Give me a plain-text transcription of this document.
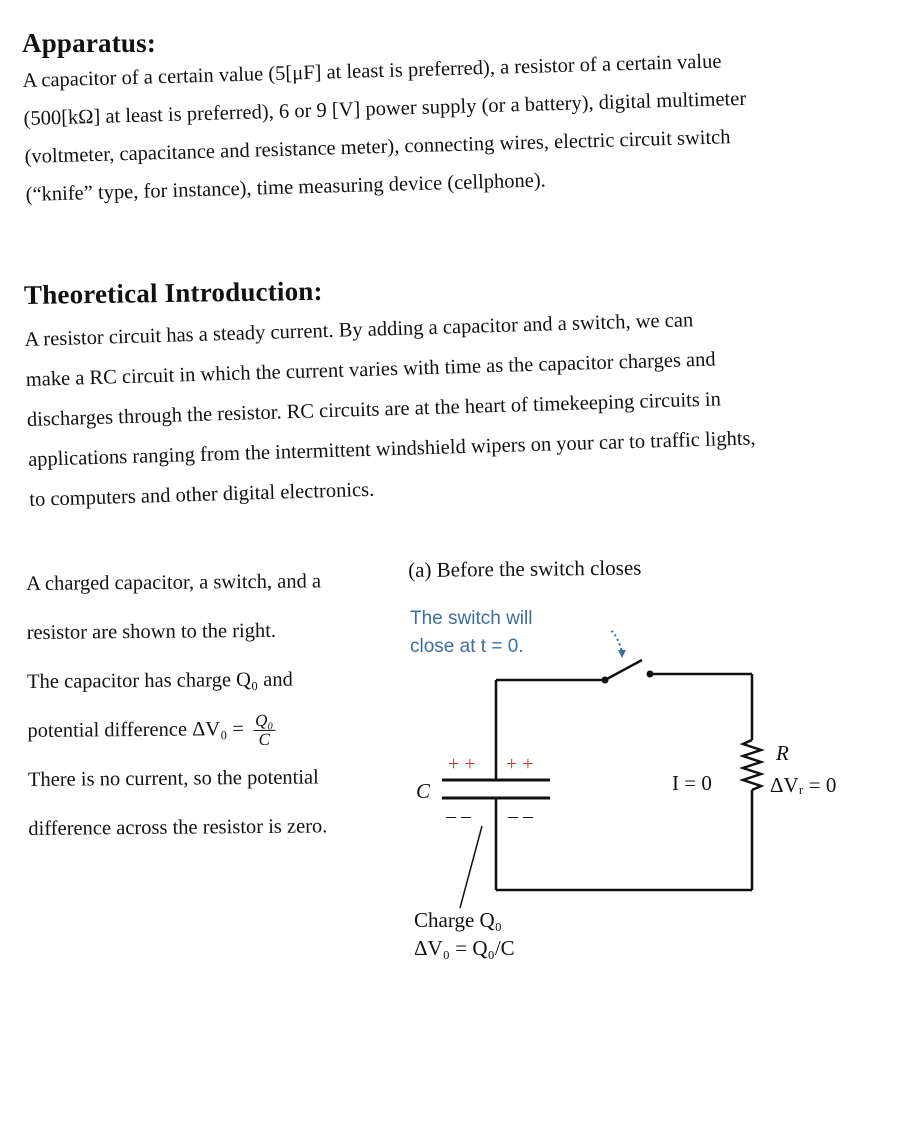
Apparatus:
A capacitor of a certain value (5[μF] at least is preferred), a resistor of a certain value
(500[kΩ] at least is preferred), 6 or 9 [V] power supply (or a battery), digital multimeter
(voltmeter, capacitance and resistance meter), connecting wires, electric circuit switch
(“knife” type, for instance), time measuring device (cellphone).
Theoretical Introduction:
A resistor circuit has a steady current. By adding a capacitor and a switch, we can
make a RC circuit in which the current varies with time as the capacitor charges and
discharges through the resistor. RC circuits are at the heart of timekeeping circuits in
applications ranging from the intermittent windshield wipers on your car to traffic lights,
to computers and other digital electronics.
A charged capacitor, a switch, and a
resistor are shown to the right.
The capacitor has charge Q₀ and
potential difference $\Delta V_0 = \frac{\text{Q₀}}{C}$
There is no current, so the potential
difference across the resistor is zero.
(a) Before the switch closes
The switch will
close at t = 0.
– – – –
+ + + +
C	I = 0
R
ΔVᵣ = 0
Charge Q₀
ΔV₀ = Q₀/C
